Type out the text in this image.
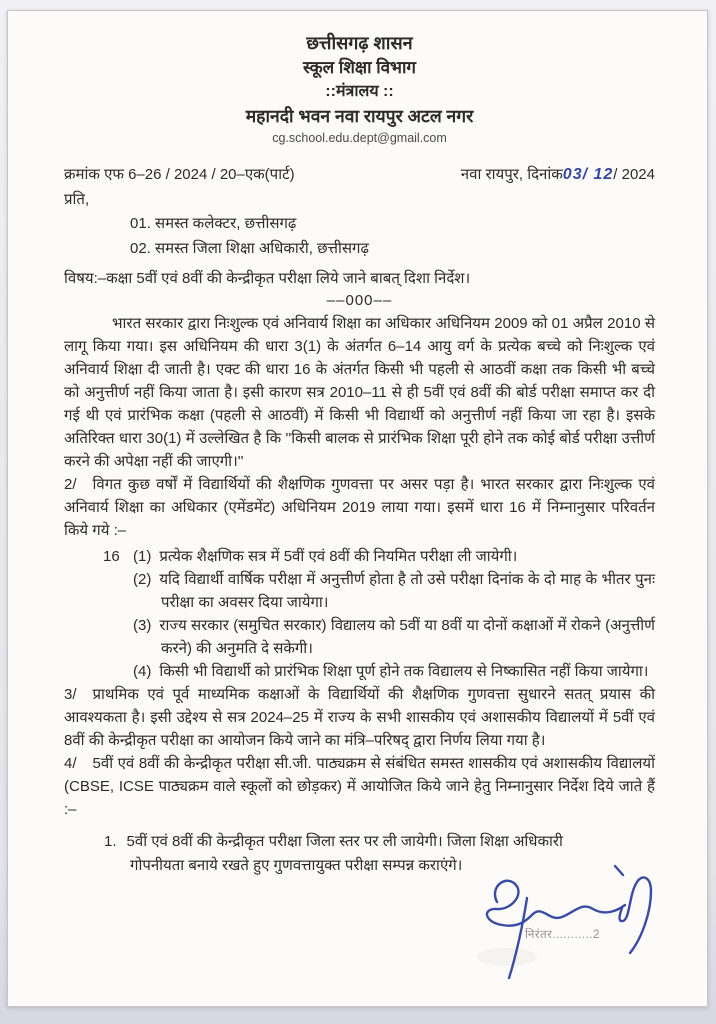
छत्तीसगढ़ शासन
स्कूल शिक्षा विभाग
::मंत्रालय ::
महानदी भवन नवा रायपुर अटल नगर
cg.school.edu.dept@gmail.com
क्रमांक एफ 6–26 / 2024 / 20–एक(पार्ट)	नवा रायपुर, दिनांक03/ 12/ 2024
प्रति,
01. समस्त कलेक्टर, छत्तीसगढ़
02. समस्त जिला शिक्षा अधिकारी, छत्तीसगढ़
विषय:–कक्षा 5वीं एवं 8वीं की केन्द्रीकृत परीक्षा लिये जाने बाबत् दिशा निर्देश।
––000––

भारत सरकार द्वारा निःशुल्क एवं अनिवार्य शिक्षा का अधिकार अधिनियम 2009 को 01 अप्रैल 2010 से लागू किया गया। इस अधिनियम की धारा 3(1) के अंतर्गत 6–14 आयु वर्ग के प्रत्येक बच्चे को निःशुल्क एवं अनिवार्य शिक्षा दी जाती है। एक्ट की धारा 16 के अंतर्गत किसी भी पहली से आठवीं कक्षा तक किसी भी बच्चे को अनुत्तीर्ण नहीं किया जाता है। इसी कारण सत्र 2010–11 से ही 5वीं एवं 8वीं की बोर्ड परीक्षा समाप्त कर दी गई थी एवं प्रारंभिक कक्षा (पहली से आठवीं) में किसी भी विद्यार्थी को अनुत्तीर्ण नहीं किया जा रहा है। इसके अतिरिक्त धारा 30(1) में उल्लेखित है कि ''किसी बालक से प्रारंभिक शिक्षा पूरी होने तक कोई बोर्ड परीक्षा उत्तीर्ण करने की अपेक्षा नहीं की जाएगी।''

2/ विगत कुछ वर्षों में विद्यार्थियों की शैक्षणिक गुणवत्ता पर असर पड़ा है। भारत सरकार द्वारा निःशुल्क एवं अनिवार्य शिक्षा का अधिकार (एमेंडमेंट) अधिनियम 2019 लाया गया। इसमें धारा 16 में निम्नानुसार परिवर्तन किये गये :–

16 (1) प्रत्येक शैक्षणिक सत्र में 5वीं एवं 8वीं की नियमित परीक्षा ली जायेगी।
(2) यदि विद्यार्थी वार्षिक परीक्षा में अनुत्तीर्ण होता है तो उसे परीक्षा दिनांक के दो माह के भीतर पुनः परीक्षा का अवसर दिया जायेगा।
(3) राज्य सरकार (समुचित सरकार) विद्यालय को 5वीं या 8वीं या दोनों कक्षाओं में रोकने (अनुत्तीर्ण करने) की अनुमति दे सकेगी।
(4) किसी भी विद्यार्थी को प्रारंभिक शिक्षा पूर्ण होने तक विद्यालय से निष्कासित नहीं किया जायेगा।

3/ प्राथमिक एवं पूर्व माध्यमिक कक्षाओं के विद्यार्थियों की शैक्षणिक गुणवत्ता सुधारने सतत् प्रयास की आवश्यकता है। इसी उद्देश्य से सत्र 2024–25 में राज्य के सभी शासकीय एवं अशासकीय विद्यालयों में 5वीं एवं 8वीं की केन्द्रीकृत परीक्षा का आयोजन किये जाने का मंत्रि–परिषद् द्वारा निर्णय लिया गया है।

4/ 5वीं एवं 8वीं की केन्द्रीकृत परीक्षा सी.जी. पाठ्यक्रम से संबंधित समस्त शासकीय एवं अशासकीय विद्यालयों (CBSE, ICSE पाठ्यक्रम वाले स्कूलों को छोड़कर) में आयोजित किये जाने हेतु निम्नानुसार निर्देश दिये जाते हैं :–

1. 5वीं एवं 8वीं की केन्द्रीकृत परीक्षा जिला स्तर पर ली जायेगी। जिला शिक्षा अधिकारी गोपनीयता बनाये रखते हुए गुणवत्तायुक्त परीक्षा सम्पन्न कराएंगे।
निरंतर...........2
